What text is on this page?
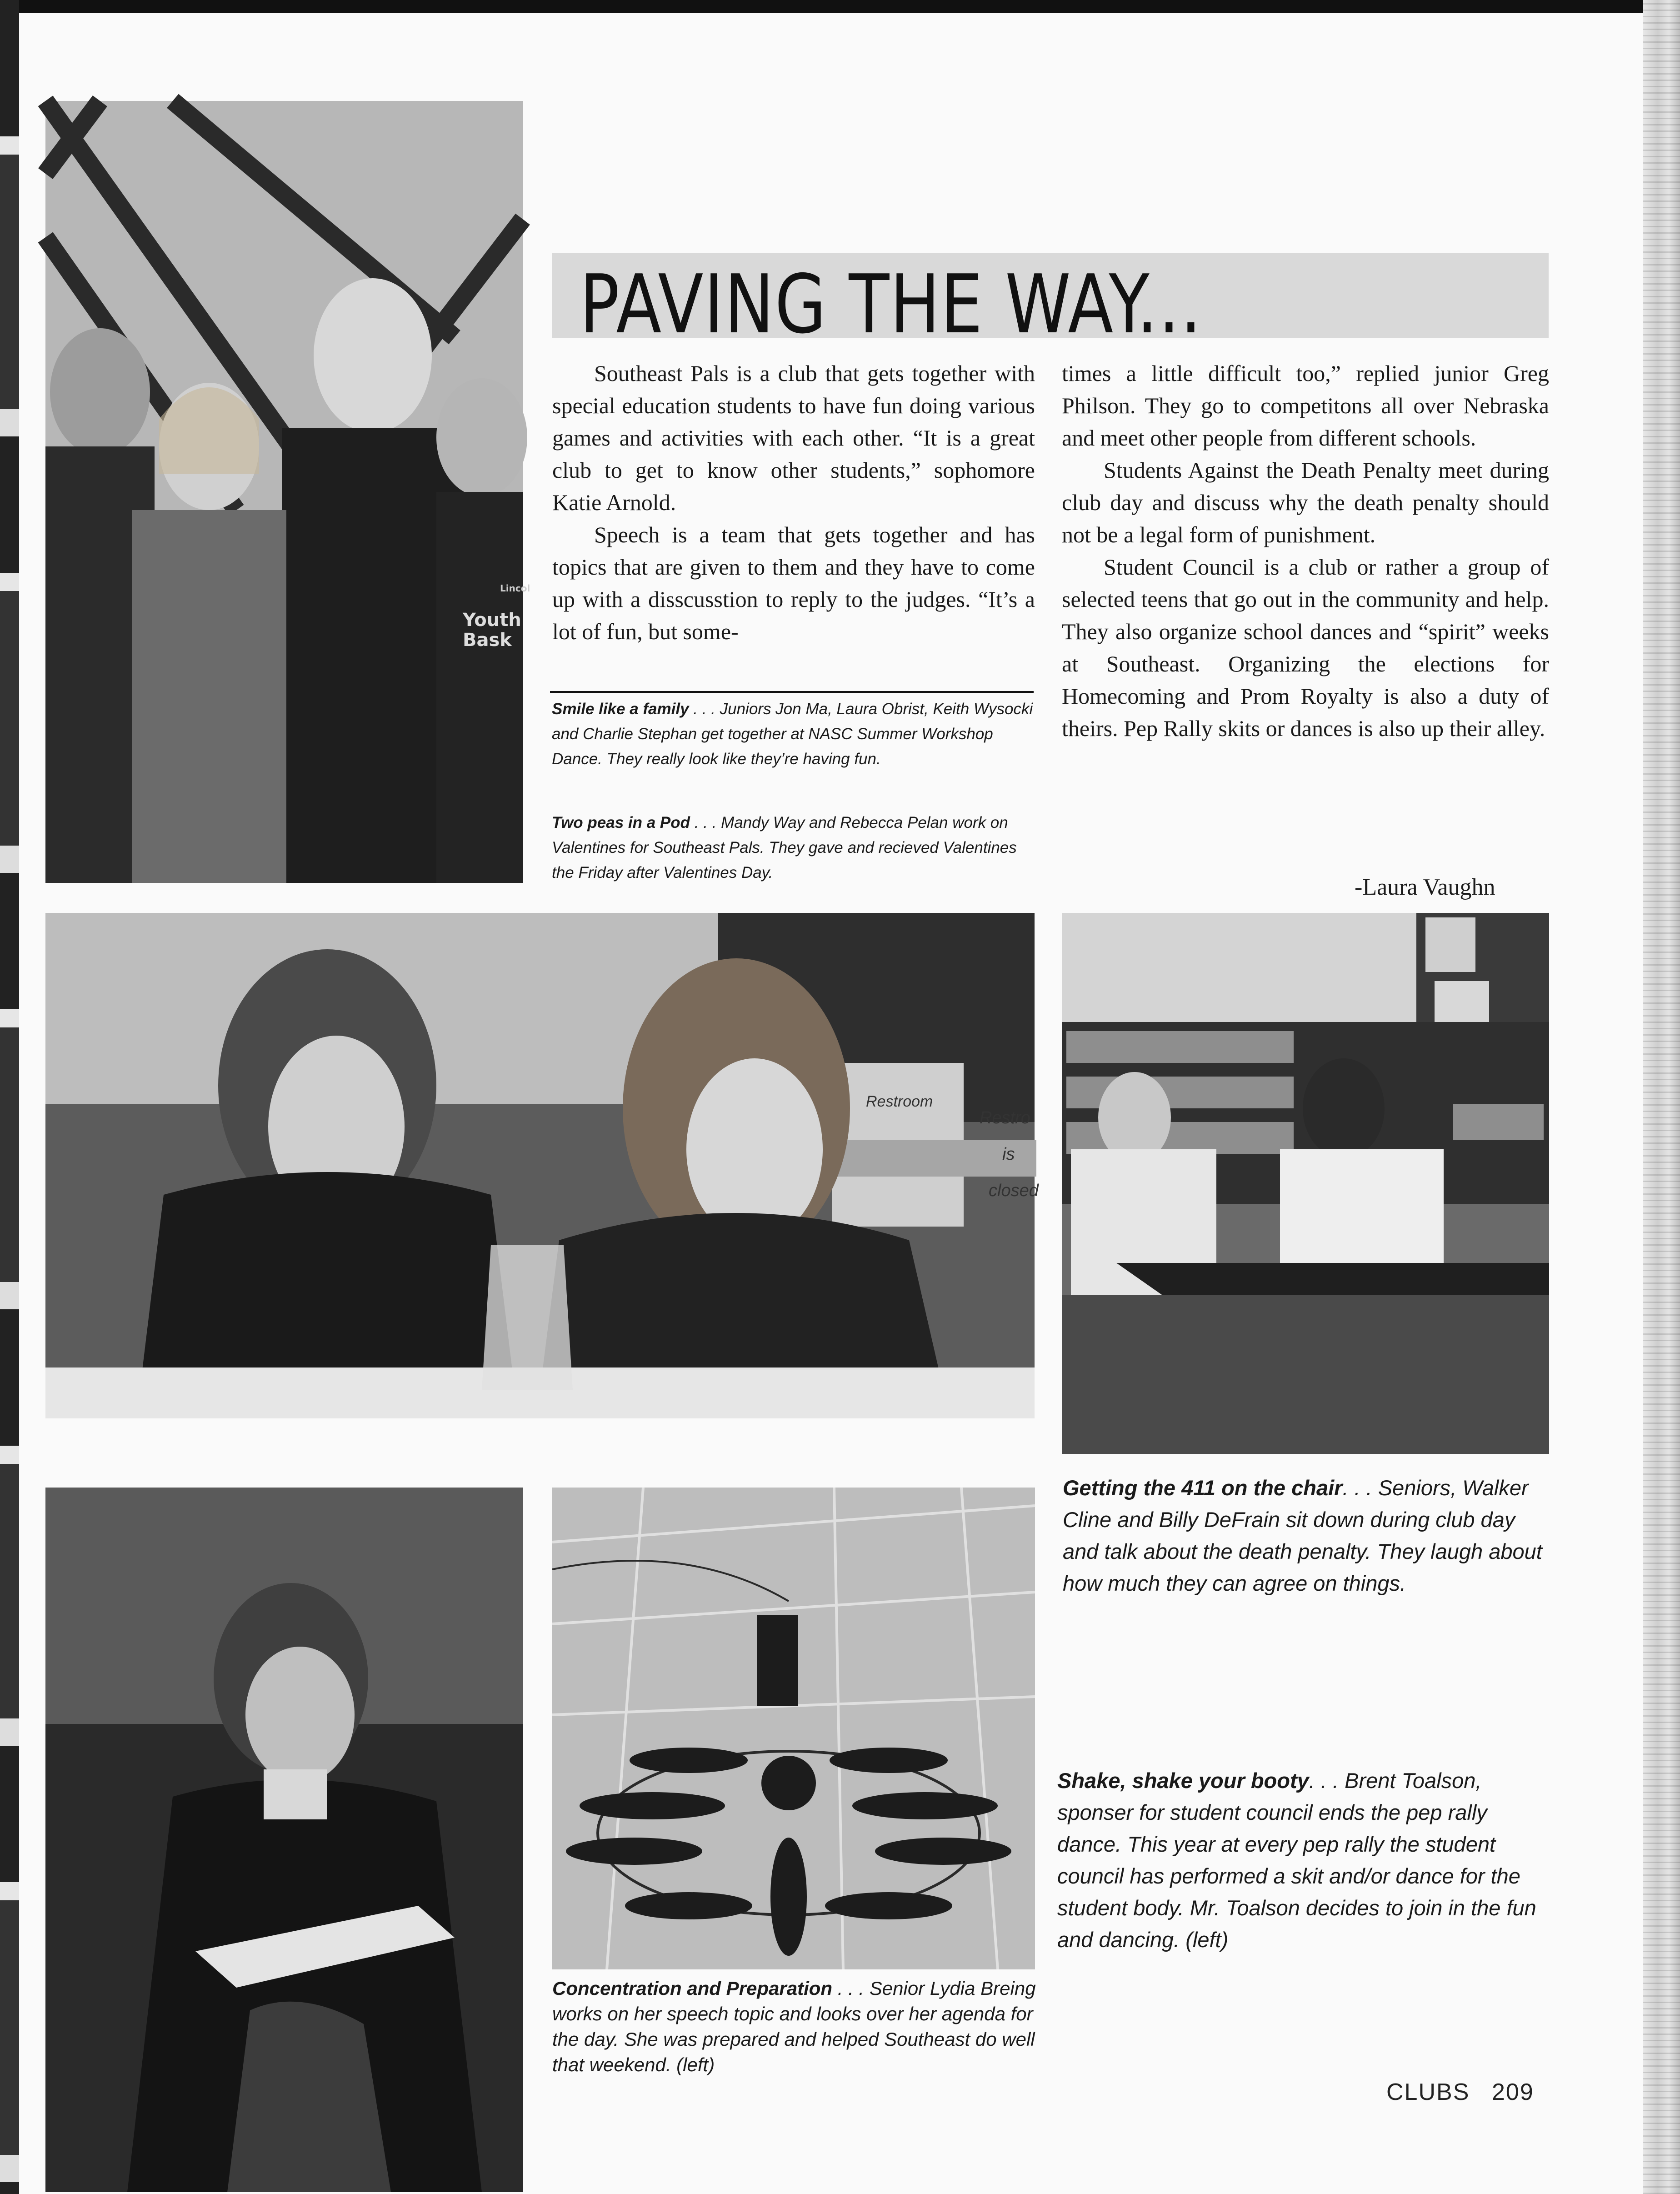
Youth Bask
Lincol
PAVING THE WAY...

Southeast Pals is a club that gets together with special education students to have fun doing various games and activities with each other. “It is a great club to get to know other students,” sophomore Katie Arnold.

Speech is a team that gets together and has topics that are given to them and they have to come up with a disscusstion to reply to the judges. “It’s a lot of fun, but some-

times a little difficult too,” replied junior Greg Philson. They go to competitons all over Nebraska and meet other people from different schools.

Students Against the Death Penalty meet during club day and discuss why the death penalty should not be a legal form of punishment.

Student Council is a club or rather a group of selected teens that go out in the community and help. They also organize school dances and “spirit” weeks at Southeast. Organizing the elections for Homecoming and Prom Royalty is also a duty of theirs. Pep Rally skits or dances is also up their alley.

-Laura Vaughn
Smile like a family . . . Juniors Jon Ma, Laura Obrist, Keith Wysocki and Charlie Stephan get together at NASC Summer Workshop Dance. They really look like they’re having fun.
Two peas in a Pod . . . Mandy Way and Rebecca Pelan work on Valentines for Southeast Pals. They gave and recieved Valentines the Friday after Valentines Day.
Restroom
Restro
is
closed
Getting the 411 on the chair. . . Seniors, Walker Cline and Billy DeFrain sit down during club day and talk about the death penalty. They laugh about how much they can agree on things.
Shake, shake your booty. . . Brent Toalson, sponser for student council ends the pep rally dance. This year at every pep rally the student council has performed a skit and/or dance for the student body. Mr. Toalson decides to join in the fun and dancing. (left)
Concentration and Preparation . . . Senior Lydia Breing works on her speech topic and looks over her agenda for the day. She was prepared and helped Southeast do well that weekend. (left)
CLUBS 209
